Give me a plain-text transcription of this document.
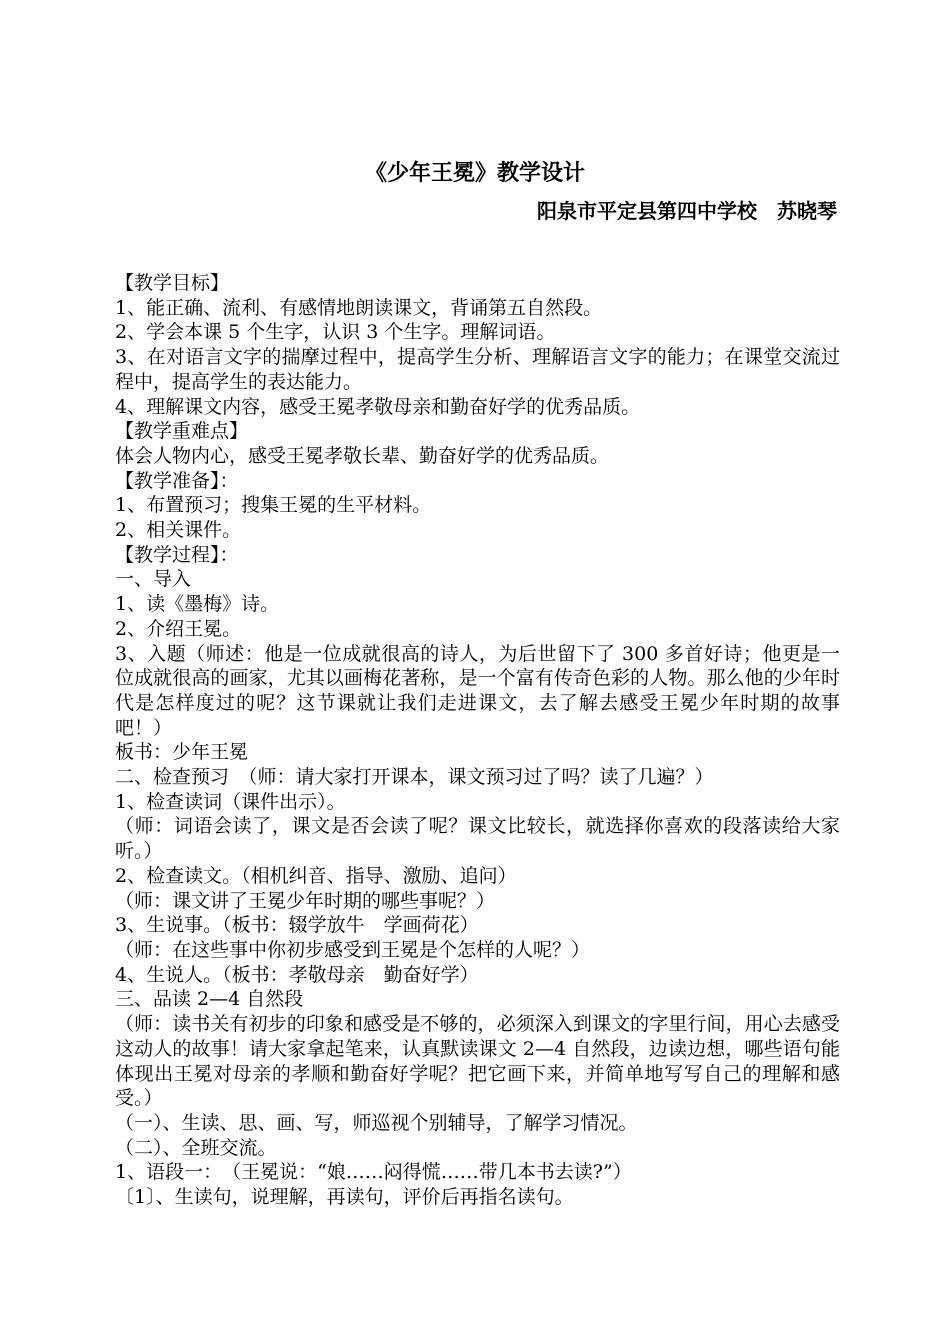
《少年王冕》教学设计
阳泉市平定县第四中学校　苏晓琴

【教学目标】

1、能正确、流利、有感情地朗读课文，背诵第五自然段。

2、学会本课 5 个生字，认识 3 个生字。理解词语。

3、在对语言文字的揣摩过程中，提高学生分析、理解语言文字的能力；在课堂交流过程中，提高学生的表达能力。

4、理解课文内容，感受王冕孝敬母亲和勤奋好学的优秀品质。

【教学重难点】

体会人物内心，感受王冕孝敬长辈、勤奋好学的优秀品质。

【教学准备】：

1、布置预习；搜集王冕的生平材料。

2、相关课件。

【教学过程】：

一、导入

1、读《墨梅》诗。

2、介绍王冕。

3、入题（师述：他是一位成就很高的诗人，为后世留下了 300 多首好诗；他更是一位成就很高的画家，尤其以画梅花著称，是一个富有传奇色彩的人物。那么他的少年时代是怎样度过的呢？这节课就让我们走进课文，去了解去感受王冕少年时期的故事吧！）

板书：少年王冕

二、检查预习　（师：请大家打开课本，课文预习过了吗？读了几遍？）

1、检查读词（课件出示）。

（师：词语会读了，课文是否会读了呢？课文比较长，就选择你喜欢的段落读给大家听。）

2、检查读文。（相机纠音、指导、激励、追问）

（师：课文讲了王冕少年时期的哪些事呢？）

3、生说事。（板书：辍学放牛　学画荷花）

（师：在这些事中你初步感受到王冕是个怎样的人呢？）

4、生说人。（板书：孝敬母亲　勤奋好学）

三、品读 2—4 自然段

（师：读书关有初步的印象和感受是不够的，必须深入到课文的字里行间，用心去感受这动人的故事！请大家拿起笔来，认真默读课文 2—4 自然段，边读边想，哪些语句能体现出王冕对母亲的孝顺和勤奋好学呢？把它画下来，并简单地写写自己的理解和感受。）

（一）、生读、思、画、写，师巡视个别辅导，了解学习情况。

（二）、全班交流。

1、语段一：　（王冕说：“娘……闷得慌……带几本书去读?”）

〔1〕、生读句，说理解，再读句，评价后再指名读句。
